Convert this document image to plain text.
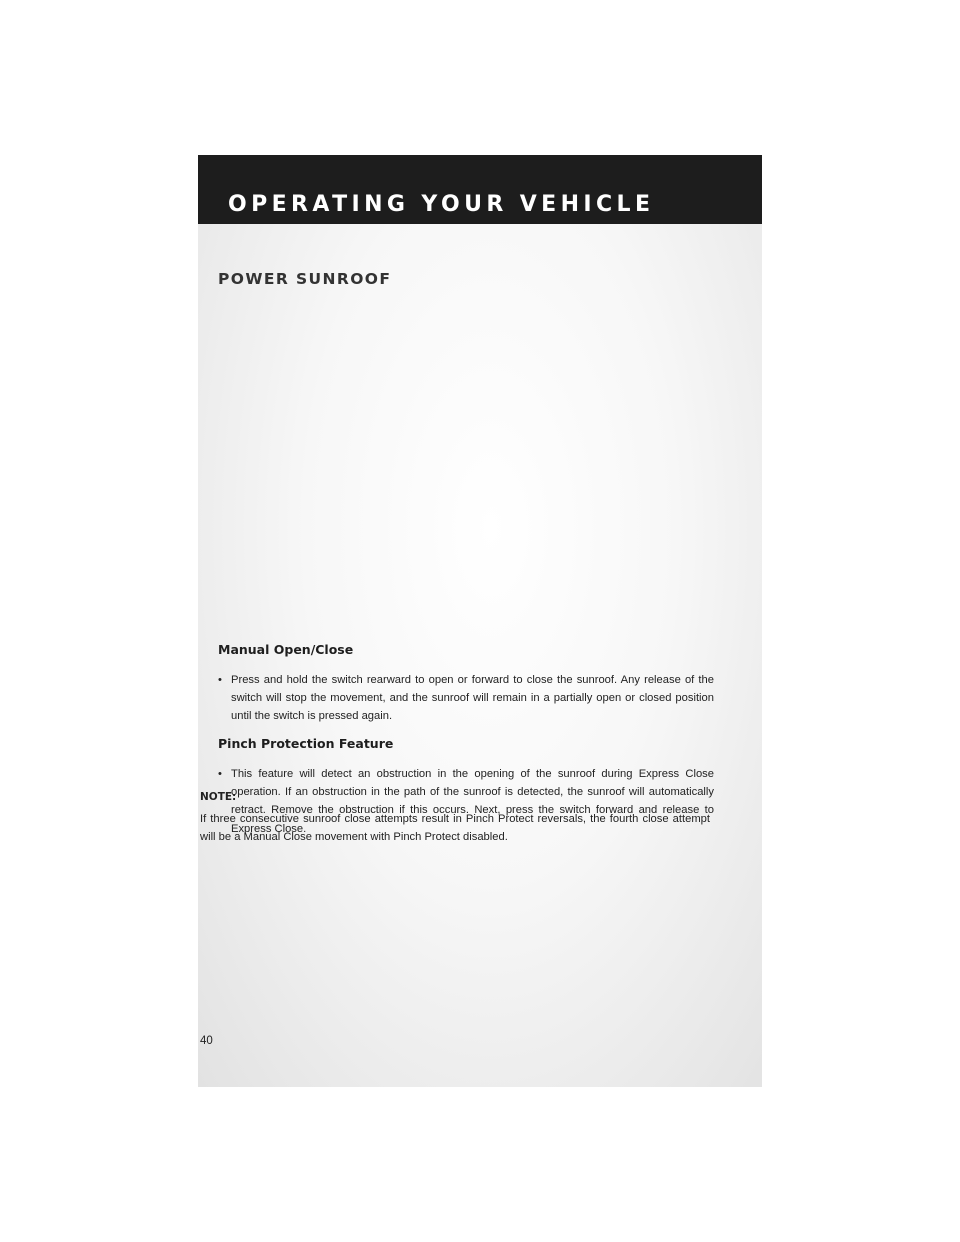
OPERATING YOUR VEHICLE
POWER SUNROOF
Manual Open/Close
• Press and hold the switch rearward to open or forward to close the sunroof. Any release of the switch will stop the movement, and the sunroof will remain in a partially open or closed position until the switch is pressed again.
Pinch Protection Feature
• This feature will detect an obstruction in the opening of the sunroof during Express Close operation. If an obstruction in the path of the sunroof is detected, the sunroof will automatically retract. Remove the obstruction if this occurs. Next, press the switch forward and release to Express Close.
NOTE:
If three consecutive sunroof close attempts result in Pinch Protect reversals, the fourth close attempt will be a Manual Close movement with Pinch Protect disabled.
40
